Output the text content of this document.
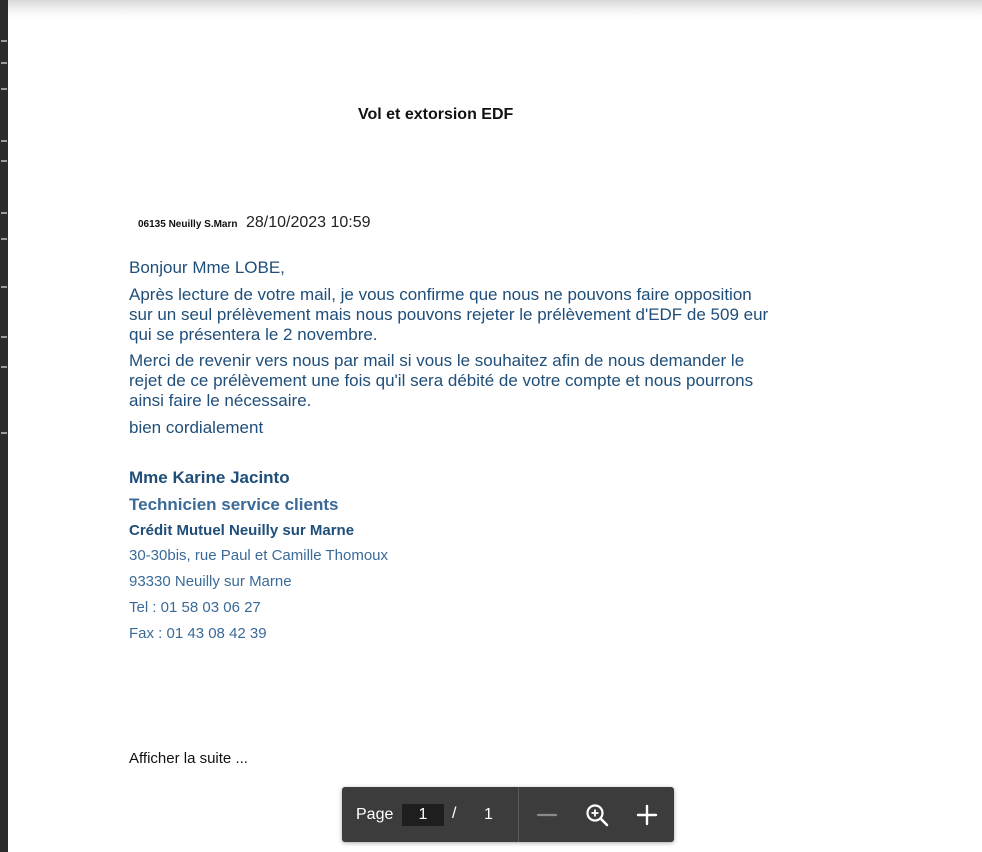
Vol et extorsion EDF
06135 Neuilly S.Marn 28/10/2023 10:59
Bonjour Mme LOBE,
Après lecture de votre mail, je vous confirme que nous ne pouvons faire opposition
sur un seul prélèvement mais nous pouvons rejeter le prélèvement d'EDF de 509 eur
qui se présentera le 2 novembre.
Merci de revenir vers nous par mail si vous le souhaitez afin de nous demander le
rejet de ce prélèvement une fois qu'il sera débité de votre compte et nous pourrons
ainsi faire le nécessaire.
bien cordialement
Mme Karine Jacinto
Technicien service clients
Crédit Mutuel Neuilly sur Marne
30-30bis, rue Paul et Camille Thomoux
93330 Neuilly sur Marne
Tel : 01 58 03 06 27
Fax : 01 43 08 42 39
Afficher la suite ...
Page
1	/ 1
